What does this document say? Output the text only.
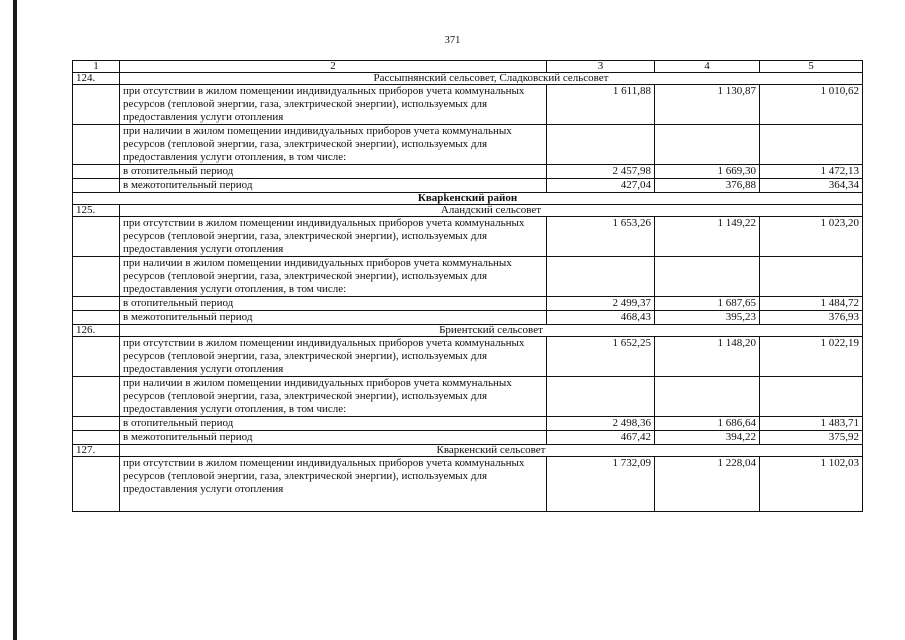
371
1	2	3	4	5
124.	Рассыпнянский сельсовет, Сладковский сельсовет			
	при отсутствии в жилом помещении индивидуальных приборов учета коммунальных ресурсов (тепловой энергии, газа, электрической энергии), используемых для предоставления услуги отопления	1 611,88	1 130,87	1 010,62
	при наличии в жилом помещении индивидуальных приборов учета коммунальных ресурсов (тепловой энергии, газа, электрической энергии), используемых для предоставления услуги отопления, в том числе:			
	в отопительный период	2 457,98	1 669,30	1 472,13
	в межотопительный период	427,04	376,88	364,34
Кварkенский район				
125.	Аландский сельсовет			
	при отсутствии в жилом помещении индивидуальных приборов учета коммунальных ресурсов (тепловой энергии, газа, электрической энергии), используемых для предоставления услуги отопления	1 653,26	1 149,22	1 023,20
	при наличии в жилом помещении индивидуальных приборов учета коммунальных ресурсов (тепловой энергии, газа, электрической энергии), используемых для предоставления услуги отопления, в том числе:			
	в отопительный период	2 499,37	1 687,65	1 484,72
	в межотопительный период	468,43	395,23	376,93
126.	Бриентский сельсовет			
	при отсутствии в жилом помещении индивидуальных приборов учета коммунальных ресурсов (тепловой энергии, газа, электрической энергии), используемых для предоставления услуги отопления	1 652,25	1 148,20	1 022,19
	при наличии в жилом помещении индивидуальных приборов учета коммунальных ресурсов (тепловой энергии, газа, электрической энергии), используемых для предоставления услуги отопления, в том числе:			
	в отопительный период	2 498,36	1 686,64	1 483,71
	в межотопительный период	467,42	394,22	375,92
127.	Кваркенский сельсовет			
	при отсутствии в жилом помещении индивидуальных приборов учета коммунальных ресурсов (тепловой энергии, газа, электрической энергии), используемых для предоставления услуги отопления	1 732,09	1 228,04	1 102,03
